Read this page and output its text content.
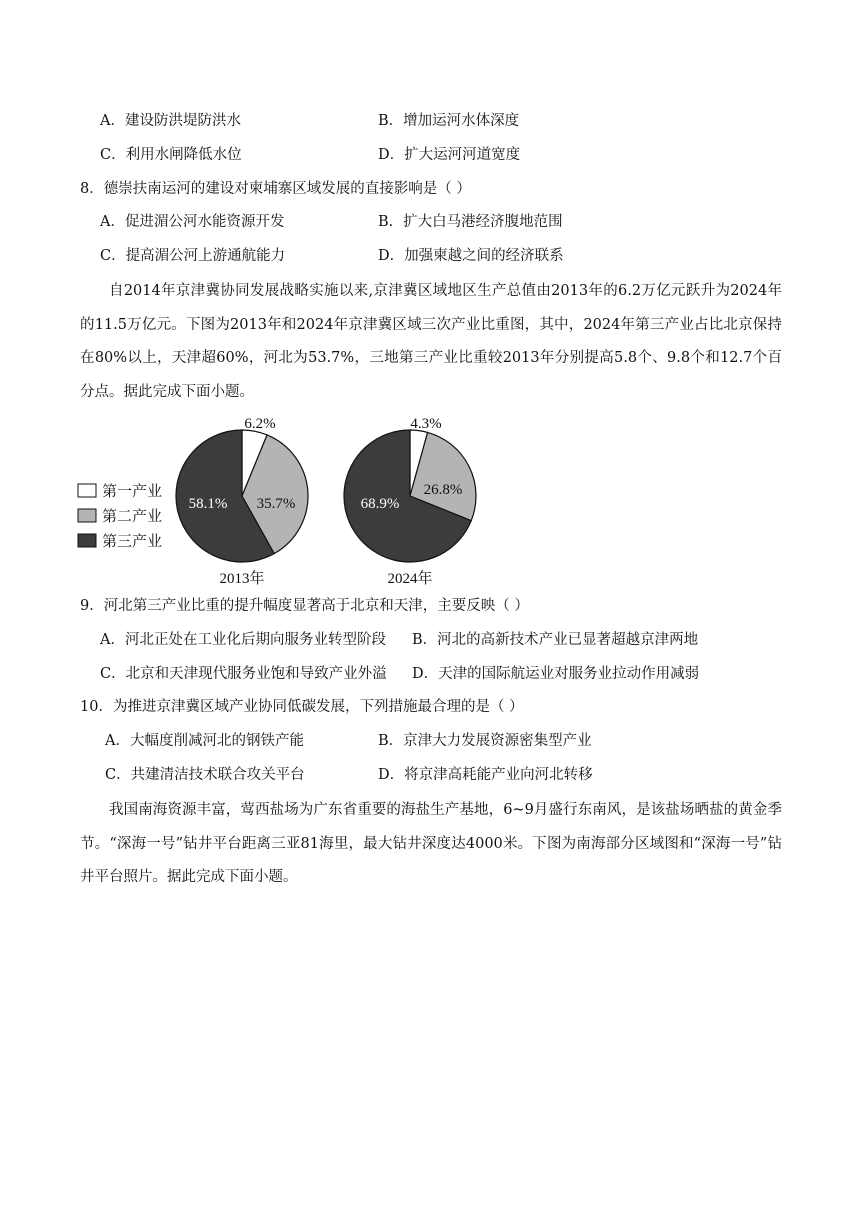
A．建设防洪堤防洪水	B．增加运河水体深度
C．利用水闸降低水位	D．扩大运河河道宽度
8．德崇扶南运河的建设对柬埔寨区域发展的直接影响是（ ）
A．促进湄公河水能资源开发	B．扩大白马港经济腹地范围
C．提高湄公河上游通航能力	D．加强柬越之间的经济联系
自2014年京津冀协同发展战略实施以来,京津冀区域地区生产总值由2013年的6.2万亿元跃升为2024年的11.5万亿元。下图为2013年和2024年京津冀区域三次产业比重图，其中，2024年第三产业占比北京保持在80%以上，天津超60%，河北为53.7%，三地第三产业比重较2013年分别提高5.8个、9.8个和12.7个百分点。据此完成下面小题。
第一产业
第二产业
第三产业
6.2%
35.7%
58.1%
2013年
4.3%
26.8%
68.9%
2024年
9．河北第三产业比重的提升幅度显著高于北京和天津，主要反映（ ）
A．河北正处在工业化后期向服务业转型阶段 B．河北的高新技术产业已显著超越京津两地
C．北京和天津现代服务业饱和导致产业外溢 D．天津的国际航运业对服务业拉动作用减弱
10．为推进京津冀区域产业协同低碳发展，下列措施最合理的是（ ）
A．大幅度削减河北的钢铁产能	B．京津大力发展资源密集型产业
C．共建清洁技术联合攻关平台	D．将京津高耗能产业向河北转移
我国南海资源丰富，莺西盐场为广东省重要的海盐生产基地，6~9月盛行东南风，是该盐场晒盐的黄金季节。“深海一号”钻井平台距离三亚81海里，最大钻井深度达4000米。下图为南海部分区域图和“深海一号”钻井平台照片。据此完成下面小题。
